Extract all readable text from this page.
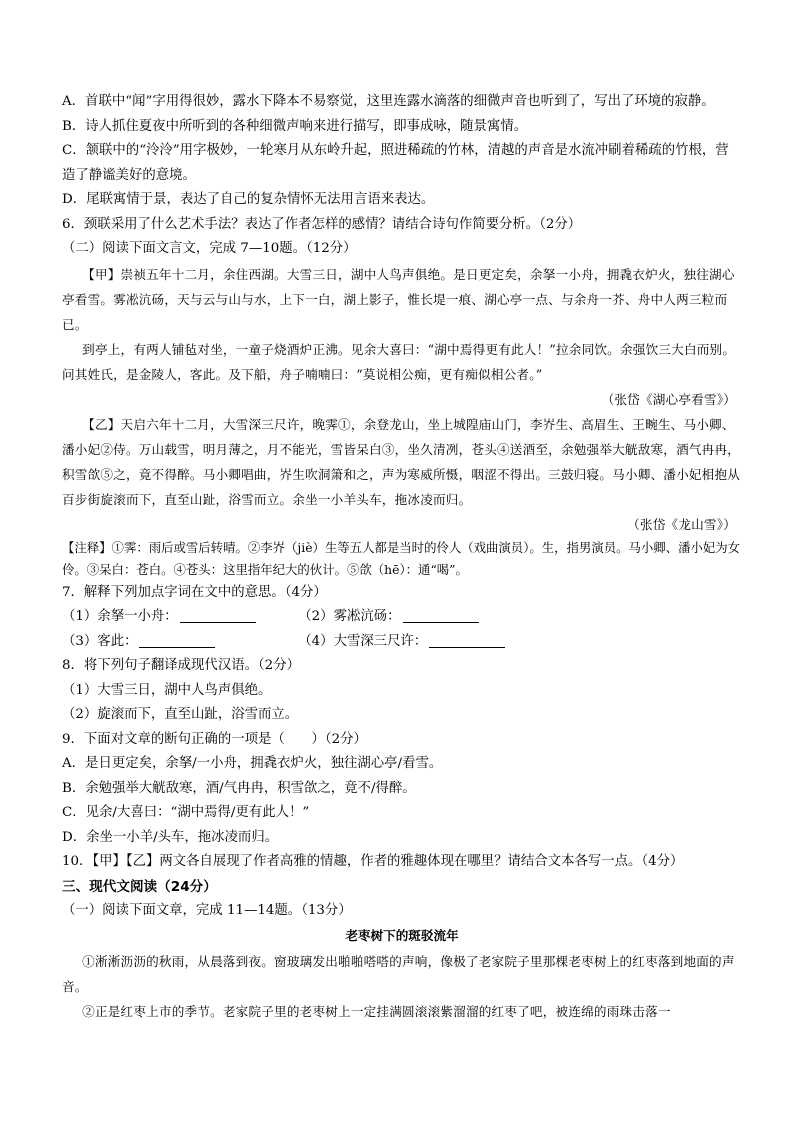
A．首联中“闻”字用得很妙，露水下降本不易察觉，这里连露水滴落的细微声音也听到了，写出了环境的寂静。
B．诗人抓住夏夜中所听到的各种细微声响来进行描写，即事成咏，随景寓情。
C．颔联中的“泠泠”用字极妙，一轮寒月从东岭升起，照进稀疏的竹林，清越的声音是水流冲刷着稀疏的竹根，营造了静谧美好的意境。
D．尾联寓情于景，表达了自己的复杂情怀无法用言语来表达。
6．颈联采用了什么艺术手法？表达了作者怎样的感情？请结合诗句作简要分析。（2分）
（二）阅读下面文言文，完成 7—10题。（12分）
【甲】崇祯五年十二月，余住西湖。大雪三日，湖中人鸟声俱绝。是日更定矣，余拏一小舟，拥毳衣炉火，独往湖心亭看雪。雾凇沆砀，天与云与山与水，上下一白，湖上影子，惟长堤一痕、湖心亭一点、与余舟一芥、舟中人两三粒而已。
到亭上，有两人铺毡对坐，一童子烧酒炉正沸。见余大喜曰：“湖中焉得更有此人！”拉余同饮。余强饮三大白而别。问其姓氏，是金陵人，客此。及下船，舟子喃喃曰：“莫说相公痴，更有痴似相公者。”
（张岱《湖心亭看雪》）
【乙】天启六年十二月，大雪深三尺许，晚霁①，余登龙山，坐上城隍庙山门，李岕生、高眉生、王畹生、马小卿、潘小妃②侍。万山载雪，明月薄之，月不能光，雪皆呆白③，坐久清冽，苍头④送酒至，余勉强举大觥敌寒，酒气冉冉，积雪欱⑤之，竟不得醉。马小卿唱曲，岕生吹洞箫和之，声为寒威所慑，咽涩不得出。三鼓归寝。马小卿、潘小妃相抱从百步街旋滚而下，直至山趾，浴雪而立。余坐一小羊头车，拖冰凌而归。
（张岱《龙山雪》）
【注释】①霁：雨后或雪后转晴。②李岕（jiè）生等五人都是当时的伶人（戏曲演员）。生，指男演员。马小卿、潘小妃为女伶。③呆白：苍白。④苍头：这里指年纪大的伙计。⑤欱（hē）：通“喝”。
7．解释下列加点字词在文中的意思。（4分）
（1）余拏一小舟：	（2）雾凇沆砀：
（3）客此：	（4）大雪深三尺许：
8．将下列句子翻译成现代汉语。（2分）
（1）大雪三日，湖中人鸟声俱绝。
（2）旋滚而下，直至山趾，浴雪而立。
9．下面对文章的断句正确的一项是（　　）（2分）
A．是日更定矣，余拏/一小舟，拥毳衣炉火，独往湖心亭/看雪。
B．余勉强举大觥敌寒，酒/气冉冉，积雪欱之，竟不/得醉。
C．见余/大喜曰：“湖中焉得/更有此人！”
D．余坐一小羊/头车，拖冰凌而归。
10．【甲】【乙】两文各自展现了作者高雅的情趣，作者的雅趣体现在哪里？请结合文本各写一点。（4分）
三、现代文阅读（24分）
（一）阅读下面文章，完成 11—14题。（13分）
老枣树下的斑驳流年
①淅淅沥沥的秋雨，从晨落到夜。窗玻璃发出啪啪嗒嗒的声响，像极了老家院子里那棵老枣树上的红枣落到地面的声音。
②正是红枣上市的季节。老家院子里的老枣树上一定挂满圆滚滚紫溜溜的红枣了吧，被连绵的雨珠击落一
